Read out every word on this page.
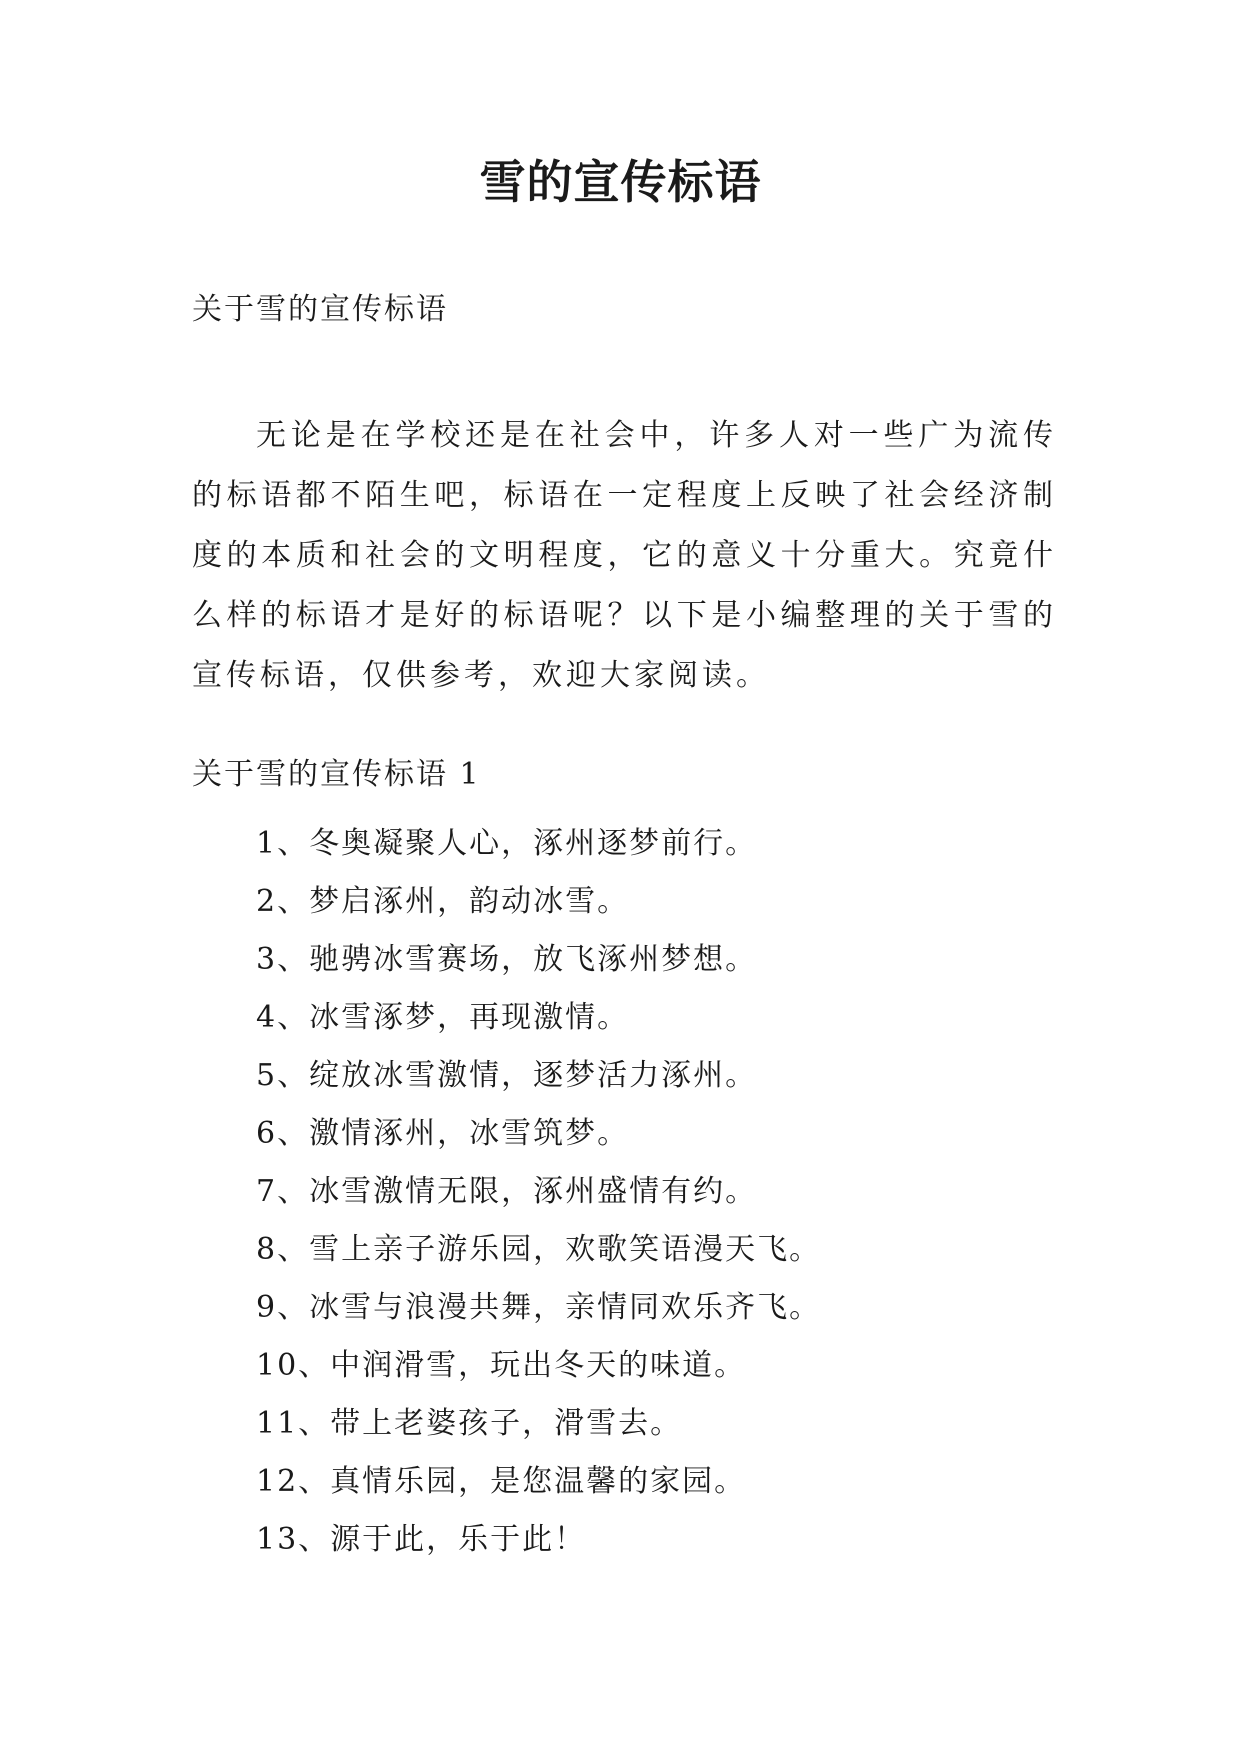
雪的宣传标语
关于雪的宣传标语

无论是在学校还是在社会中，许多人对一些广为流传的标语都不陌生吧，标语在一定程度上反映了社会经济制度的本质和社会的文明程度，它的意义十分重大。究竟什么样的标语才是好的标语呢？以下是小编整理的关于雪的宣传标语，仅供参考，欢迎大家阅读。

关于雪的宣传标语 1
1、冬奥凝聚人心，涿州逐梦前行。
2、梦启涿州，韵动冰雪。
3、驰骋冰雪赛场，放飞涿州梦想。
4、冰雪涿梦，再现激情。
5、绽放冰雪激情，逐梦活力涿州。
6、激情涿州，冰雪筑梦。
7、冰雪激情无限，涿州盛情有约。
8、雪上亲子游乐园，欢歌笑语漫天飞。
9、冰雪与浪漫共舞，亲情同欢乐齐飞。
10、中润滑雪，玩出冬天的味道。
11、带上老婆孩子，滑雪去。
12、真情乐园，是您温馨的家园。
13、源于此，乐于此！
